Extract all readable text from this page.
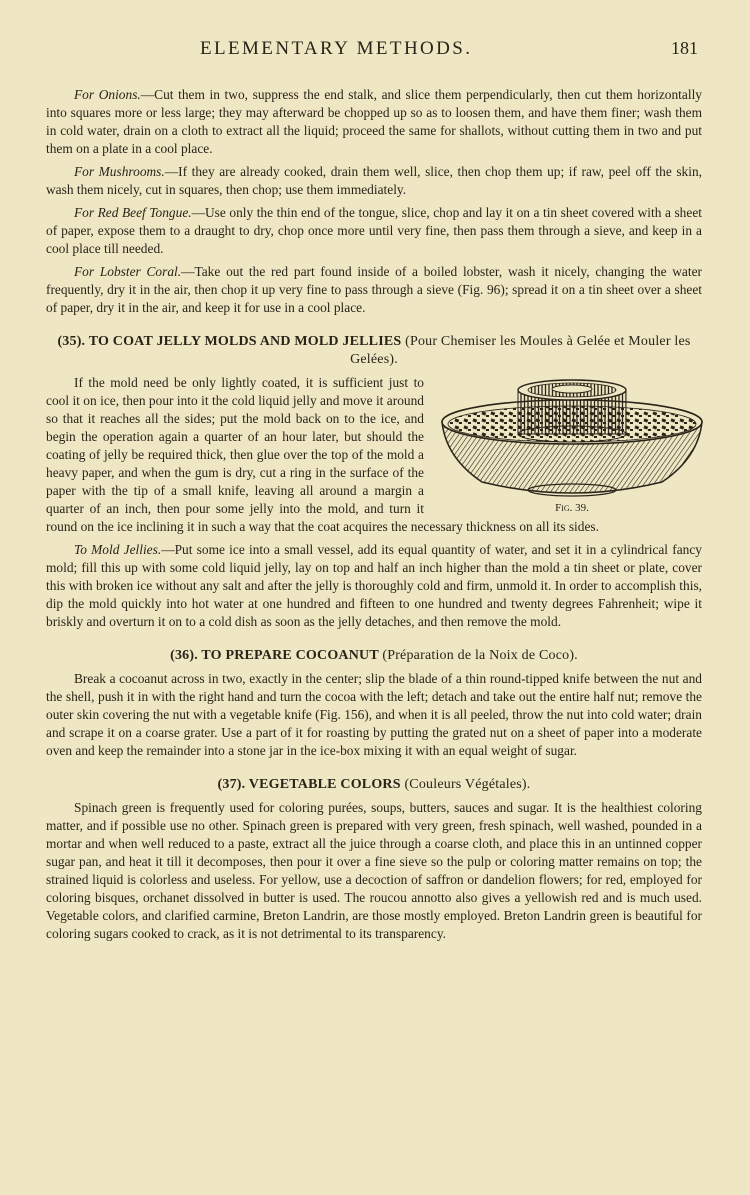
ELEMENTARY METHODS.	181

For Onions.—Cut them in two, suppress the end stalk, and slice them perpendicularly, then cut them horizontally into squares more or less large; they may afterward be chopped up so as to loosen them, and have them finer; wash them in cold water, drain on a cloth to extract all the liquid; proceed the same for shallots, without cutting them in two and put them on a plate in a cool place.

For Mushrooms.—If they are already cooked, drain them well, slice, then chop them up; if raw, peel off the skin, wash them nicely, cut in squares, then chop; use them immediately.

For Red Beef Tongue.—Use only the thin end of the tongue, slice, chop and lay it on a tin sheet covered with a sheet of paper, expose them to a draught to dry, chop once more until very fine, then pass them through a sieve, and keep in a cool place till needed.

For Lobster Coral.—Take out the red part found inside of a boiled lobster, wash it nicely, changing the water frequently, dry it in the air, then chop it up very fine to pass through a sieve (Fig. 96); spread it on a tin sheet over a sheet of paper, dry it in the air, and keep it for use in a cool place.

(35). TO COAT JELLY MOLDS AND MOLD JELLIES (Pour Chemiser les Moules à Gelée et Mouler les Gelées).
Fig. 39.

If the mold need be only lightly coated, it is sufficient just to cool it on ice, then pour into it the cold liquid jelly and move it around so that it reaches all the sides; put the mold back on to the ice, and begin the operation again a quarter of an hour later, but should the coating of jelly be required thick, then glue over the top of the mold a heavy paper, and when the gum is dry, cut a ring in the surface of the paper with the tip of a small knife, leaving all around a margin a quarter of an inch, then pour some jelly into the mold, and turn it round on the ice inclining it in such a way that the coat acquires the necessary thickness on all its sides.

To Mold Jellies.—Put some ice into a small vessel, add its equal quantity of water, and set it in a cylindrical fancy mold; fill this up with some cold liquid jelly, lay on top and half an inch higher than the mold a tin sheet or plate, cover this with broken ice without any salt and after the jelly is thoroughly cold and firm, unmold it. In order to accomplish this, dip the mold quickly into hot water at one hundred and fifteen to one hundred and twenty degrees Fahrenheit; wipe it briskly and overturn it on to a cold dish as soon as the jelly detaches, and then remove the mold.

(36). TO PREPARE COCOANUT (Préparation de la Noix de Coco).

Break a cocoanut across in two, exactly in the center; slip the blade of a thin round-tipped knife between the nut and the shell, push it in with the right hand and turn the cocoa with the left; detach and take out the entire half nut; remove the outer skin covering the nut with a vegetable knife (Fig. 156), and when it is all peeled, throw the nut into cold water; drain and scrape it on a coarse grater. Use a part of it for roasting by putting the grated nut on a sheet of paper into a moderate oven and keep the remainder into a stone jar in the ice-box mixing it with an equal weight of sugar.

(37). VEGETABLE COLORS (Couleurs Végétales).

Spinach green is frequently used for coloring purées, soups, butters, sauces and sugar. It is the healthiest coloring matter, and if possible use no other. Spinach green is prepared with very green, fresh spinach, well washed, pounded in a mortar and when well reduced to a paste, extract all the juice through a coarse cloth, and place this in an untinned copper sugar pan, and heat it till it decomposes, then pour it over a fine sieve so the pulp or coloring matter remains on top; the strained liquid is colorless and useless. For yellow, use a decoction of saffron or dandelion flowers; for red, employed for coloring bisques, orchanet dissolved in butter is used. The roucou annotto also gives a yellowish red and is much used. Vegetable colors, and clarified carmine, Breton Landrin, are those mostly employed. Breton Landrin green is beautiful for coloring sugars cooked to crack, as it is not detrimental to its transparency.
